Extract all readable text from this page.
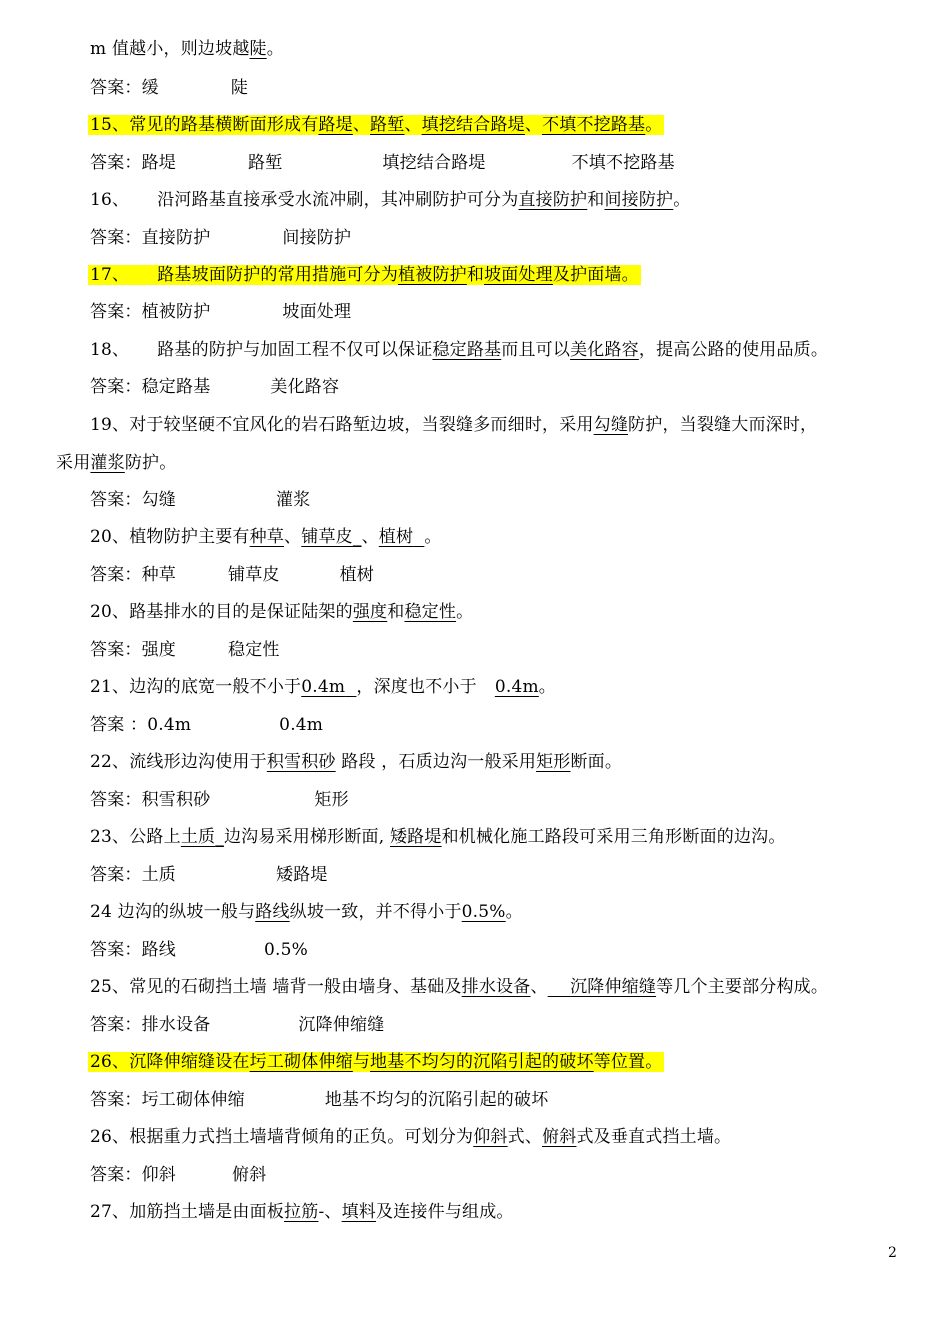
m 值越小，则边坡越陡。
答案：缓	陡
15、常见的路基横断面形成有路堤、路堑、填挖结合路堤、不填不挖路基。
答案：路堤	路堑	填挖结合路堤	不填不挖路基
16、 沿河路基直接承受水流冲刷，其冲刷防护可分为直接防护和间接防护。
答案：直接防护	间接防护
17、 路基坡面防护的常用措施可分为植被防护和坡面处理及护面墙。
答案：植被防护	坡面处理
18、 路基的防护与加固工程不仅可以保证稳定路基而且可以美化路容，提高公路的使用品质。
答案：稳定路基	美化路容
19、对于较坚硬不宜风化的岩石路堑边坡，当裂缝多而细时，采用勾缝防护，当裂缝大而深时，
采用灌浆防护。
答案：勾缝	灌浆
20、植物防护主要有种草、铺草皮_、植树 。
答案：种草	铺草皮	植树
20、路基排水的目的是保证陆架的强度和稳定性。
答案：强度	稳定性
21、边沟的底宽一般不小于0.4m ，深度也不小于 0.4m。
答案 ：0.4m	0.4m
22、流线形边沟使用于积雪积砂 路段 ，石质边沟一般采用矩形断面。
答案：积雪积砂	矩形
23、公路上土质_边沟易采用梯形断面, 矮路堤和机械化施工路段可采用三角形断面的边沟。
答案：土质	矮路堤
24 边沟的纵坡一般与路线纵坡一致，并不得小于0.5%。
答案：路线	0.5%
25、常见的石砌挡土墙 墙背一般由墙身、基础及排水设备、 沉降伸缩缝等几个主要部分构成。
答案：排水设备	沉降伸缩缝
26、沉降伸缩缝设在圬工砌体伸缩与地基不均匀的沉陷引起的破坏等位置。
答案：圬工砌体伸缩	地基不均匀的沉陷引起的破坏
26、根据重力式挡土墙墙背倾角的正负。可划分为仰斜式、俯斜式及垂直式挡土墙。
答案：仰斜	俯斜
27、加筋挡土墙是由面板拉筋-、填料及连接件与组成。
2
